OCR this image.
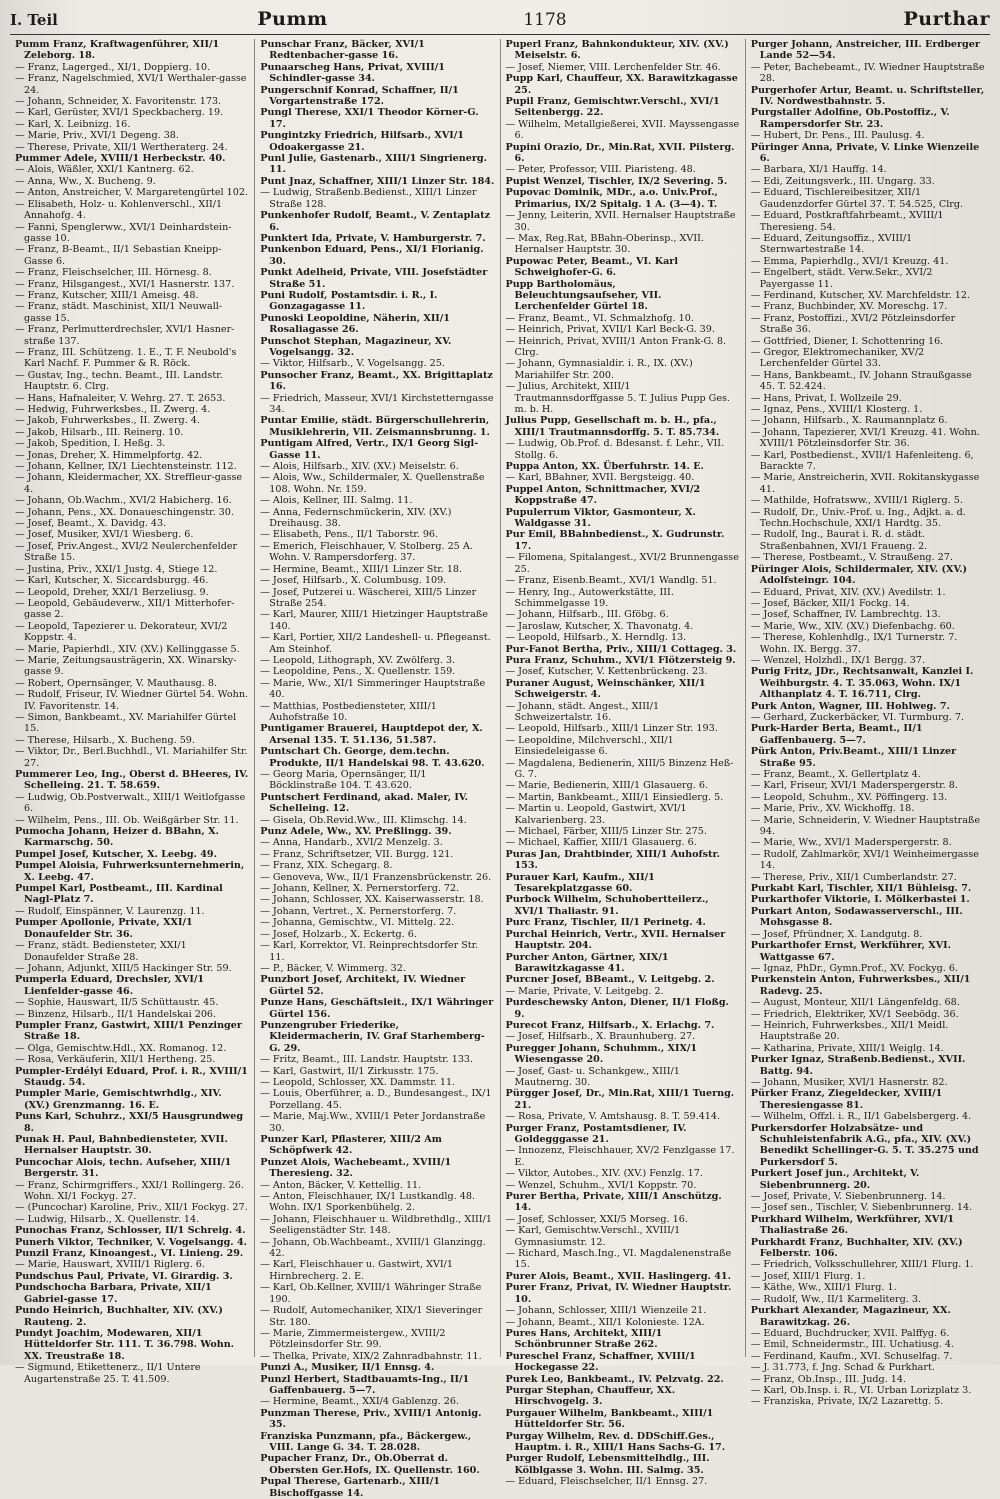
I. Teil	Pumm	1178	Purthar

Pumm Franz, Kraftwagenführer, XII/1 Zeleborg. 18.

— Franz, Lagerged., XI/1, Doppierg. 10.

— Franz, Nagelschmied, XVI/1 Werthaler-gasse 24.

— Johann, Schneider, X. Favoritenstr. 173.

— Karl, Gerüster, XVI/1 Speckbacherg. 19.

— Karl, X. Leibnizg. 16.

— Marie, Priv., XVI/1 Degeng. 38.

— Therese, Private, XII/1 Wertheraterg. 24.

Pummer Adele, XVIII/1 Herbeckstr. 40.

— Alois, Wäßler, XXI/1 Kantnerg. 62.

— Anna, Ww., X. Bucheng. 9.

— Anton, Anstreicher, V. Margaretengürtel 102.

— Elisabeth, Holz- u. Kohlenverschl., XII/1 Annahofg. 4.

— Fanni, Spenglerww., XVI/1 Deinhardstein-gasse 10.

— Franz, B-Beamt., II/1 Sebastian Kneipp-Gasse 6.

— Franz, Fleischselcher, III. Hörnesg. 8.

— Franz, Hilsgangest., XVI/1 Hasnerstr. 137.

— Franz, Kutscher, XIII/1 Ameisg. 48.

— Franz, städt. Maschinist, XII/1 Neuwall-gasse 15.

— Franz, Perlmutterdrechsler, XVI/1 Hasner-straße 137.

— Franz, III. Schützeng. 1. E., T. F. Neubold's Karl Nachf. F. Pummer & R. Röck.

— Gustav, Ing., techn. Beamt., III. Landstr. Hauptstr. 6. Clrg.

— Hans, Hafnaleiter, V. Wehrg. 27. T. 2653.

— Hedwig, Fuhrwerksbes., II. Zwerg. 4.

— Jakob, Fuhrwerksbes., II. Zwerg. 4.

— Jakob, Hilsarb., III. Reinerg. 10.

— Jakob, Spedition, I. Heßg. 3.

— Jonas, Dreher, X. Himmelpfortg. 42.

— Johann, Kellner, IX/1 Liechtensteinstr. 112.

— Johann, Kleidermacher, XX. Streffleur-gasse 4.

— Johann, Ob.Wachm., XVI/2 Habicherg. 16.

— Johann, Pens., XX. Donaueschingenstr. 30.

— Josef, Beamt., X. Davidg. 43.

— Josef, Musiker, XVI/1 Wiesberg. 6.

— Josef, Priv.Angest., XVI/2 Neulerchenfelder Straße 15.

— Justina, Priv., XXI/1 Justg. 4, Stiege 12.

— Karl, Kutscher, X. Siccardsburgg. 46.

— Leopold, Dreher, XXI/1 Berzeliusg. 9.

— Leopold, Gebäudeverw., XII/1 Mitterhofer-gasse 2.

— Leopold, Tapezierer u. Dekorateur, XVI/2 Koppstr. 4.

— Marie, Papierhdl., XIV. (XV.) Kellinggasse 5.

— Marie, Zeitungsausträgerin, XX. Winarsky-gasse 9.

— Robert, Opernsänger, V. Mauthausg. 8.

— Rudolf, Friseur, IV. Wiedner Gürtel 54. Wohn. IV. Favoritenstr. 14.

— Simon, Bankbeamt., XV. Mariahilfer Gürtel 15.

— Therese, Hilsarb., X. Bucheng. 59.

— Viktor, Dr., Berl.Buchhdl., VI. Mariahilfer Str. 27.

Pummerer Leo, Ing., Oberst d. BHeeres, IV. Schelleing. 21. T. 58.659.

— Ludwig, Ob.Postverwalt., XIII/1 Weitlofgasse 6.

— Wilhelm, Pens., III. Ob. Weißgärber Str. 11.

Pumocha Johann, Heizer d. BBahn, X. Karmarschg. 50.

Pumpel Josef, Kutscher, X. Leebg. 49.

Pumpel Aloisia, Fuhrwerksunternehmerin, X. Leebg. 47.

Pumpel Karl, Postbeamt., III. Kardinal Nagl-Platz 7.

— Rudolf, Einspänner, V. Laurenzg. 11.

Pumper Apollonie, Private, XXI/1 Donaufelder Str. 36.

— Franz, städt. Bediensteter, XXI/1 Donaufelder Straße 28.

— Johann, Adjunkt, XIII/5 Hackinger Str. 59.

Pumperla Eduard, Drechsler, XVI/1 Lienfelder-gasse 46.

— Sophie, Hauswart, II/5 Schüttaustr. 45.

— Binzenz, Hilsarb., II/1 Handelskai 206.

Pumpler Franz, Gastwirt, XIII/1 Penzinger Straße 18.

— Olga, Gemischtw.Hdl., XX. Romanog. 12.

— Rosa, Verkäuferin, XII/1 Hertheng. 25.

Pumpler-Erdélyi Eduard, Prof. i. R., XVIII/1 Staudg. 54.

Pumpler Marie, Gemischtwrhdlg., XIV. (XV.) Grenzmanng. 16. E.

Puns Karl, Schuhrz., XXI/5 Hausgrundweg 8.

Punak H. Paul, Bahnbediensteter, XVII. Hernalser Hauptstr. 30.

Puncochar Alois, techn. Aufseher, XIII/1 Bergerstr. 31.

— Franz, Schirmgriffers., XXI/1 Rollingerg. 26. Wohn. XI/1 Fockyg. 27.

— (Puncochar) Karoline, Priv., XII/1 Fockyg. 27.

— Ludwig, Hilsarb., X. Quellenstr. 14.

Punochas Franz, Schlosser, II/1 Schreig. 4.

Punerh Viktor, Techniker, V. Vogelsangg. 4.

Punzil Franz, Kinoangest., VI. Linieng. 29.

— Marie, Hauswart, XVIII/1 Riglerg. 6.

Pundschus Paul, Private, VI. Girardig. 3.

Pundschocha Barbara, Private, XII/1 Gabriel-gasse 17.

Pundo Heinrich, Buchhalter, XIV. (XV.) Rauteng. 2.

Pundyt Joachim, Modewaren, XII/1 Hütteldorfer Str. 111. T. 36.798. Wohn. XX. Treustraße 18.

— Sigmund, Etikettenerz., II/1 Untere Augartenstraße 25. T. 41.509.

Punschar Franz, Bäcker, XVI/1 Redtenbacher-gasse 16.

Punaarscheg Hans, Privat, XVIII/1 Schindler-gasse 34.

Pungerschnif Konrad, Schaffner, II/1 Vorgartenstraße 172.

Pungl Therese, XXI/1 Theodor Körner-G. 17.

Pungintzky Friedrich, Hilfsarb., XVI/1 Odoakergasse 21.

Punl Julie, Gastenarb., XIII/1 Singrienerg. 11.

Punt Jnaz, Schaffner, XIII/1 Linzer Str. 184.

— Ludwig, Straßenb.Bedienst., XIII/1 Linzer Straße 128.

Punkenhofer Rudolf, Beamt., V. Zentaplatz 6.

Punktert Ida, Private, V. Hamburgerstr. 7.

Punkenbon Eduard, Pens., XI/1 Florianig. 30.

Punkt Adelheid, Private, VIII. Josefstädter Straße 51.

Puni Rudolf, Postamtsdir. i. R., I. Gonzagagasse 11.

Punoski Leopoldine, Näherin, XII/1 Rosaliagasse 26.

Punschot Stephan, Magazineur, XV. Vogelsangg. 32.

— Viktor, Hilfsarb., V. Vogelsangg. 25.

Punsocher Franz, Beamt., XX. Brigittaplatz 16.

— Friedrich, Masseur, XVI/1 Kirchstetterngasse 34.

Puntar Emilie, städt. Bürgerschullehrerin, Musiklehrerin, VII. Zeismannsbrunng. 1.

Puntigam Alfred, Vertr., IX/1 Georg Sigl-Gasse 11.

— Alois, Hilfsarb., XIV. (XV.) Meiselstr. 6.

— Alois, Ww., Schildermaler, X. Quellenstraße 108. Wohn. Nr. 159.

— Alois, Kellner, III. Salmg. 11.

— Anna, Federnschmückerin, XIV. (XV.) Dreihausg. 38.

— Elisabeth, Pens., II/1 Taborstr. 96.

— Emerich, Fleischhauer, V. Stolberg. 25 A. Wohn. V. Rampersdorferg. 37.

— Hermine, Beamt., XIII/1 Linzer Str. 18.

— Josef, Hilfsarb., X. Columbusg. 109.

— Josef, Putzerei u. Wäscherei, XIII/5 Linzer Straße 254.

— Karl, Maurer, XIII/1 Hietzinger Hauptstraße 140.

— Karl, Portier, XII/2 Landeshell- u. Pflegeanst. Am Steinhof.

— Leopold, Lithograph, XV. Zwölferg. 3.

— Leopoldine, Pens., X. Quellenstr. 159.

— Marie, Ww., XI/1 Simmeringer Hauptstraße 40.

— Matthias, Postbediensteter, XIII/1 Auhofstraße 10.

Puntigamer Brauerei, Hauptdepot der, X. Arsenal 135. T. 51.136, 51.587.

Puntschart Ch. George, dem.techn. Produkte, II/1 Handelskai 98. T. 43.620.

— Georg Maria, Opernsänger, II/1 Böcklinstraße 104. T. 43.620.

Puntschert Ferdinand, akad. Maler, IV. Schelleing. 12.

— Gisela, Ob.Revid.Ww., III. Klimschg. 14.

Punz Adele, Ww., XV. Preßlingg. 39.

— Anna, Handarb., XVI/2 Menzelg. 3.

— Franz, Schriftsetzer, VII. Burgg. 121.

— Franz, XIX. Schegarg. 8.

— Genoveva, Ww., II/1 Franzensbrückenstr. 26.

— Johann, Kellner, X. Pernerstorferg. 72.

— Johann, Schlosser, XX. Kaiserwasserstr. 18.

— Johann, Vertret., X. Pernerstorferg. 7.

— Johanna, Gemischtw., VI. Mittelg. 22.

— Josef, Holzarb., X. Eckertg. 6.

— Karl, Korrektor, VI. Reinprechtsdorfer Str. 11.

— P., Bäcker, V. Wimmerg. 32.

Punzbort Josef, Architekt, IV. Wiedner Gürtel 52.

Punze Hans, Geschäftsleit., IX/1 Währinger Gürtel 156.

Punzengruber Friederike, Kleidermacherin, IV. Graf Starhemberg-G. 29.

— Fritz, Beamt., III. Landstr. Hauptstr. 133.

— Karl, Gastwirt, II/1 Zirkusstr. 175.

— Leopold, Schlosser, XX. Dammstr. 11.

— Louis, Oberführer, a. D., Bundesangest., IX/1 Porzellang. 45.

— Marie, Maj.Ww., XVIII/1 Peter Jordanstraße 30.

Punzer Karl, Pflasterer, XIII/2 Am Schöpfwerk 42.

Punzet Alois, Wachebeamt., XVIII/1 Theresieng. 32.

— Anton, Bäcker, V. Kettellig. 11.

— Anton, Fleischhauer, IX/1 Lustkandlg. 48. Wohn. IX/1 Sporkenbühelg. 2.

— Johann, Fleischhauer u. Wildbrethdlg., XIII/1 Seeligenstädter Str. 148.

— Johann, Ob.Wachbeamt., XVIII/1 Glanzingg. 42.

— Karl, Fleischhauer u. Gastwirt, XVI/1 Hirnbrecherg. 2. E.

— Karl, Ob.Kellner, XVIII/1 Währinger Straße 190.

— Rudolf, Automechaniker, XIX/1 Sieveringer Str. 180.

— Marie, Zimmermeistergew., XVIII/2 Pötzleinsdorfer Str. 99.

— Thelka, Private, XIX/2 Zahnradbahnstr. 11.

Punzi A., Musiker, II/1 Ennsg. 4.

Punzl Herbert, Stadtbauamts-Ing., II/1 Gaffenbauerg. 5—7.

— Hermine, Beamt., XXI/4 Gablenzg. 26.

Punzman Therese, Priv., XVIII/1 Antonig. 35.

Franziska Punzmann, pfa., Bäckergew., VIII. Lange G. 34. T. 28.028.

Pupacher Franz, Dr., Ob.Oberrat d. Obersten Ger.Hofs, IX. Quellenstr. 160.

Pupal Therese, Gartenarb., XIII/1 Bischoffgasse 14.

Puperl Franz, Bahnkondukteur, XIV. (XV.) Meiselstr. 6.

— Josef, Niemer, VIII. Lerchenfelder Str. 46.

Pupp Karl, Chauffeur, XX. Barawitzkagasse 25.

Pupil Franz, Gemischtwr.Verschl., XVI/1 Seitenbergg. 22.

— Wilhelm, Metallgießerei, XVII. Mayssengasse 6.

Pupini Orazio, Dr., Min.Rat, XVII. Pilsterg. 6.

— Peter, Professor, VIII. Piaristeng. 48.

Pupist Wenzel, Tischler, IX/2 Severing. 5.

Pupovac Dominik, MDr., a.o. Univ.Prof., Primarius, IX/2 Spitalg. 1 A. (3—4). T.

— Jenny, Leiterin, XVII. Hernalser Hauptstraße 30.

— Max, Reg.Rat, BBahn-Oberinsp., XVII. Hernalser Hauptstr. 30.

Pupowac Peter, Beamt., VI. Karl Schweighofer-G. 6.

Pupp Bartholomäus, Beleuchtungsaufseher, VII. Lerchenfelder Gürtel 18.

— Franz, Beamt., VI. Schmalzhofg. 10.

— Heinrich, Privat, XVII/1 Karl Beck-G. 39.

— Heinrich, Privat, XVIII/1 Anton Frank-G. 8. Clrg.

— Johann, Gymnasialdir. i. R., IX. (XV.) Mariahilfer Str. 200.

— Julius, Architekt, XIII/1 Trautmannsdorffgasse 5. T. Julius Pupp Ges. m. b. H.

Julius Pupp, Gesellschaft m. b. H., pfa., XIII/1 Trautmannsdorffg. 5. T. 85.734.

— Ludwig, Ob.Prof. d. Bdesanst. f. Lehr., VII. Stollg. 6.

Puppa Anton, XX. Überfuhrstr. 14. E.

— Karl, BBahner, XVII. Bergsteigg. 40.

Puppel Anton, Schnittmacher, XVI/2 Koppstraße 47.

Pupulerrum Viktor, Gasmonteur, X. Waldgasse 31.

Pur Emil, BBahnbedienst., X. Gudrunstr. 17.

— Filomena, Spitalangest., XVI/2 Brunnengasse 25.

— Franz, Eisenb.Beamt., XVI/1 Wandlg. 51.

— Henry, Ing., Autowerkstätte, III. Schimmelgasse 19.

— Johann, Hilfsarb., III. Gföbg. 6.

— Jaroslaw, Kutscher, X. Thavonatg. 4.

— Leopold, Hilfsarb., X. Herndlg. 13.

Pur-Fanot Bertha, Priv., XIII/1 Cottageg. 3.

Pura Franz, Schuhm., XVI/1 Flötzersteig 9.

— Josef, Kutscher, V. Kettenbrückeng. 23.

Puraner August, Weinschänker, XII/1 Schweigerstr. 4.

— Johann, städt. Angest., XIII/1 Schweizertalstr. 16.

— Leopold, Hilfsarb., XIII/1 Linzer Str. 193.

— Leopoldine, Milchverschl., XII/1 Einsiedeleigasse 6.

— Magdalena, Bedienerin, XIII/5 Binzenz Heß-G. 7.

— Marie, Bedienerin, XIII/1 Glasauerg. 6.

— Martin, Bankbeamt., XIII/1 Einsiedlerg. 5.

— Martin u. Leopold, Gastwirt, XVI/1 Kalvarienberg. 23.

— Michael, Färber, XIII/5 Linzer Str. 275.

— Michael, Kaffier, XIII/1 Glasauerg. 6.

Puras Jan, Drahtbinder, XIII/1 Auhofstr. 153.

Purauer Karl, Kaufm., XII/1 Tesarekplatzgasse 60.

Purbock Wilhelm, Schuhobertteilerz., XVI/1 Thaliastr. 91.

Purc Franz, Tischler, II/1 Perinetg. 4.

Purchal Heinrich, Vertr., XVII. Hernalser Hauptstr. 204.

Purcher Anton, Gärtner, XIX/1 Barawitzkagasse 41.

Purcner Josef, BBeamt., V. Leitgebg. 2.

— Marie, Private, V. Leitgebg. 2.

Purdeschewsky Anton, Diener, II/1 Floßg. 9.

Purecot Franz, Hilfsarb., X. Erlachg. 7.

— Josef, Hilfsarb., X. Braunhuberg. 27.

Puregger Johann, Schuhmm., XIX/1 Wiesengasse 20.

— Josef, Gast- u. Schankgew., XIII/1 Mautnerng. 30.

Pürgger Josef, Dr., Min.Rat, XIII/1 Tuerng. 21.

— Rosa, Private, V. Amtshausg. 8. T. 59.414.

Purger Franz, Postamtsdiener, IV. Goldegggasse 21.

— Innozenz, Fleischhauer, XV/2 Fenzlgasse 17. E.

— Viktor, Autobes., XIV. (XV.) Fenzlg. 17.

— Wenzel, Schuhm., XVI/1 Koppstr. 70.

Purer Bertha, Private, XIII/1 Anschützg. 14.

— Josef, Schlosser, XXI/5 Morseg. 16.

— Karl, Gemischtw.Verschl., XVIII/1 Gymnasiumstr. 12.

— Richard, Masch.Ing., VI. Magdalenenstraße 15.

Purer Alois, Beamt., XVII. Haslingerg. 41.

Purer Franz, Privat, IV. Wiedner Hauptstr. 10.

— Johann, Schlosser, XIII/1 Wienzeile 21.

— Johann, Beamt., XII/1 Kolonieste. 12A.

Pures Hans, Architekt, XIII/1 Schönbrunner Straße 262.

Pureschel Franz, Schaffner, XVIII/1 Hockegasse 22.

Purek Leo, Bankbeamt., IV. Pelzvatg. 22.

Purgar Stephan, Chauffeur, XX. Hirschvogelg. 3.

Purgauer Wilhelm, Bankbeamt., XIII/1 Hütteldorfer Str. 56.

Purgay Wilhelm, Rev. d. DDSchiff.Ges., Hauptm. i. R., XIII/1 Hans Sachs-G. 17.

Purger Rudolf, Lebensmittelhdlg., III. Kölblgasse 3. Wohn. III. Salmg. 35.

— Eduard, Fleischselcher, II/1 Ennsg. 27.

Purger Johann, Anstreicher, III. Erdberger Lande 52—54.

— Peter, Bachebeamt., IV. Wiedner Hauptstraße 28.

Purgerhofer Artur, Beamt. u. Schriftsteller, IV. Nordwestbahnstr. 5.

Purgstaller Adolfine, Ob.Postoffiz., V. Rampersdorfer Str. 23.

— Hubert, Dr. Pens., III. Paulusg. 4.

Püringer Anna, Private, V. Linke Wienzeile 6.

— Barbara, XI/1 Hauffg. 14.

— Edi, Zeitungsverk., III. Ungarg. 33.

— Eduard, Tischlereibesitzer, XII/1 Gaudenzdorfer Gürtel 37. T. 54.525, Clrg.

— Eduard, Postkraftfahrbeamt., XVIII/1 Theresieng. 54.

— Eduard, Zeitungsoffiz., XVIII/1 Sternwartestraße 14.

— Emma, Papierhdlg., XVI/1 Kreuzg. 41.

— Engelbert, städt. Verw.Sekr., XVI/2 Payergasse 11.

— Ferdinand, Kutscher, XV. Marchfeldstr. 12.

— Franz, Buchbinder, XV. Moreschg. 17.

— Franz, Postoffizi., XVI/2 Pötzleinsdorfer Straße 36.

— Gottfried, Diener, I. Schottenring 16.

— Gregor, Elektromechaniker, XV/2 Lerchenfelder Gürtel 33.

— Hans, Bankbeamt., IV. Johann Straußgasse 45. T. 52.424.

— Hans, Privat, I. Wollzeile 29.

— Ignaz, Pens., XVIII/1 Klosterg. 1.

— Johann, Hilfsarb., X. Raumannplatz 6.

— Johann, Tapezierer, XVI/1 Kreuzg. 41. Wohn. XVIII/1 Pötzleinsdorfer Str. 36.

— Karl, Postbedienst., XVII/1 Hafenleiteng. 6, Barackte 7.

— Marie, Anstreicherin, XVII. Rokitanskygasse 41.

— Mathilde, Hofratsww., XVIII/1 Riglerg. 5.

— Rudolf, Dr., Univ.-Prof. u. Ing., Adjkt. a. d. Techn.Hochschule, XXI/1 Hardtg. 35.

— Rudolf, Ing., Baurat i. R. d. städt. Straßenbahnen, XVI/1 Fraueng. 2.

— Therese, Postbeamt., V. Straußeng. 27.

Püringer Alois, Schildermaler, XIV. (XV.) Adolfsteingr. 104.

— Eduard, Privat, XIV. (XV.) Avedilstr. 1.

— Josef, Bäcker, XII/1 Fockg. 14.

— Josef, Schaffner, IV. Lambrechtg. 13.

— Marie, Ww., XIV. (XV.) Diefenbachg. 60.

— Therese, Kohlenhdlg., IX/1 Turnerstr. 7. Wohn. IX. Bergg. 37.

— Wenzel, Holzhdl., IX/1 Bergg. 37.

Purig Fritz, JDr., Rechtsanwalt, Kanzlei I. Weihburgstr. 4. T. 35.063, Wohn. IX/1 Althanplatz 4. T. 16.711, Clrg.

Purk Anton, Wagner, III. Hohlweg. 7.

— Gerhard, Zuckerbäcker, VI. Turmburg. 7.

Purk-Harder Berta, Beamt., II/1 Gaffenbauerg. 5—7.

Pürk Anton, Priv.Beamt., XIII/1 Linzer Straße 95.

— Franz, Beamt., X. Gellertplatz 4.

— Karl, Friseur, XVI/1 Maderspergerstr. 8.

— Leopold, Schuhm., XV. Pöffingerg. 13.

— Marie, Priv., XV. Wickhoffg. 18.

— Marie, Schneiderin, V. Wiedner Hauptstraße 94.

— Marie, Ww., XVI/1 Maderspergerstr. 8.

— Rudolf, Zahlmarkör, XVI/1 Weinheimergasse 14.

— Therese, Priv., XII/1 Cumberlandstr. 27.

Purkabt Karl, Tischler, XII/1 Bühleisg. 7.

Purkarthofer Viktorie, I. Mölkerbastei 1.

Purkart Anton, Sodawasserverschl., III. Mohsgasse 8.

— Josef, Pfründner, X. Landgutg. 8.

Purkarthofer Ernst, Werkführer, XVI. Wattgasse 67.

— Ignaz, PhDr., Gymn.Prof., XV. Fockyg. 6.

Purkenstein Anton, Fuhrwerksbes., XII/1 Radevg. 25.

— August, Monteur, XII/1 Längenfeldg. 68.

— Friedrich, Elektriker, XV/1 Seebödg. 36.

— Heinrich, Fuhrwerksbes., XII/1 Meidl. Hauptstraße 20.

— Katharina, Private, XIII/1 Weiglg. 14.

Purker Ignaz, Straßenb.Bedienst., XVII. Battg. 94.

— Johann, Musiker, XVI/1 Hasnerstr. 82.

Pürker Franz, Ziegeldecker, XVIII/1 Theresiengasse 81.

— Wilhelm, Offzl. i. R., II/1 Gabelsbergerg. 4.

Purkersdorfer Holzabsätze- und Schuhleistenfabrik A.G., pfa., XIV. (XV.) Benedikt Schellinger-G. 5. T. 35.275 und Purkersdorf 5.

Purkert Josef jun., Architekt, V. Siebenbrunnerg. 20.

— Josef, Private, V. Siebenbrunnerg. 14.

— Josef sen., Tischler, V. Siebenbrunnerg. 14.

Purkhard Wilhelm, Werkführer, XVI/1 Thaliastraße 26.

Purkhardt Franz, Buchhalter, XIV. (XV.) Felberstr. 106.

— Friedrich, Volksschullehrer, XIII/1 Flurg. 1.

— Josef, XIII/1 Flurg. 1.

— Käthe, Ww., XIII/1 Flurg. 1.

— Rudolf, Ww., II/1 Karmeliterg. 3.

Purkhart Alexander, Magazineur, XX. Barawitzkag. 26.

— Eduard, Buchdrucker, XVII. Palffyg. 6.

— Emil, Schneidermstr., III. Uchatiusg. 4.

— Ferdinand, Kaufm., XVI. Schuselfag. 7.

— J. 31.773, f. Jng. Schad & Purkhart.

— Franz, Ob.Insp., III. Judg. 14.

— Karl, Ob.Insp. i. R., VI. Urban Lorizplatz 3.

— Franziska, Private, IX/2 Lazarettg. 5.
